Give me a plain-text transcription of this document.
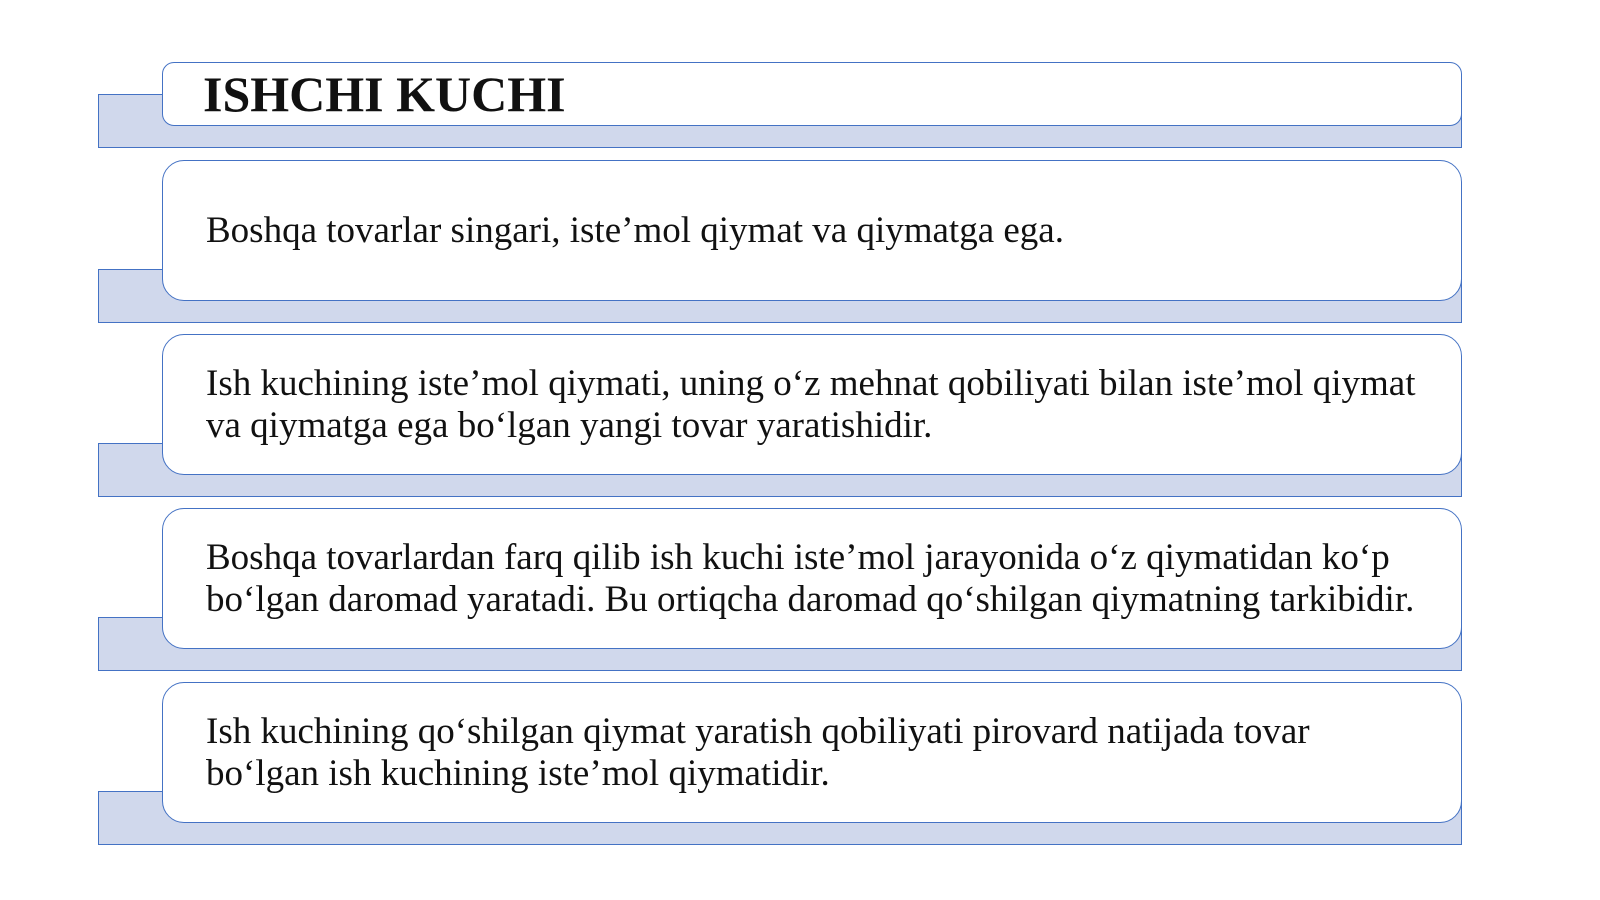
ISHCHI KUCHI
Boshqa tovarlar singari, iste’mol qiymat va qiymatga ega.
Ish kuchining iste’mol qiymati, uning o‘z mehnat qobiliyati bilan iste’mol qiymat va qiymatga ega bo‘lgan yangi tovar yaratishidir.
Boshqa tovarlardan farq qilib ish kuchi iste’mol jarayonida o‘z qiymatidan ko‘p bo‘lgan daromad yaratadi. Bu ortiqcha daromad qo‘shilgan qiymatning tarkibidir.
Ish kuchining qo‘shilgan qiymat yaratish qobiliyati pirovard natijada tovar bo‘lgan ish kuchining iste’mol qiymatidir.
